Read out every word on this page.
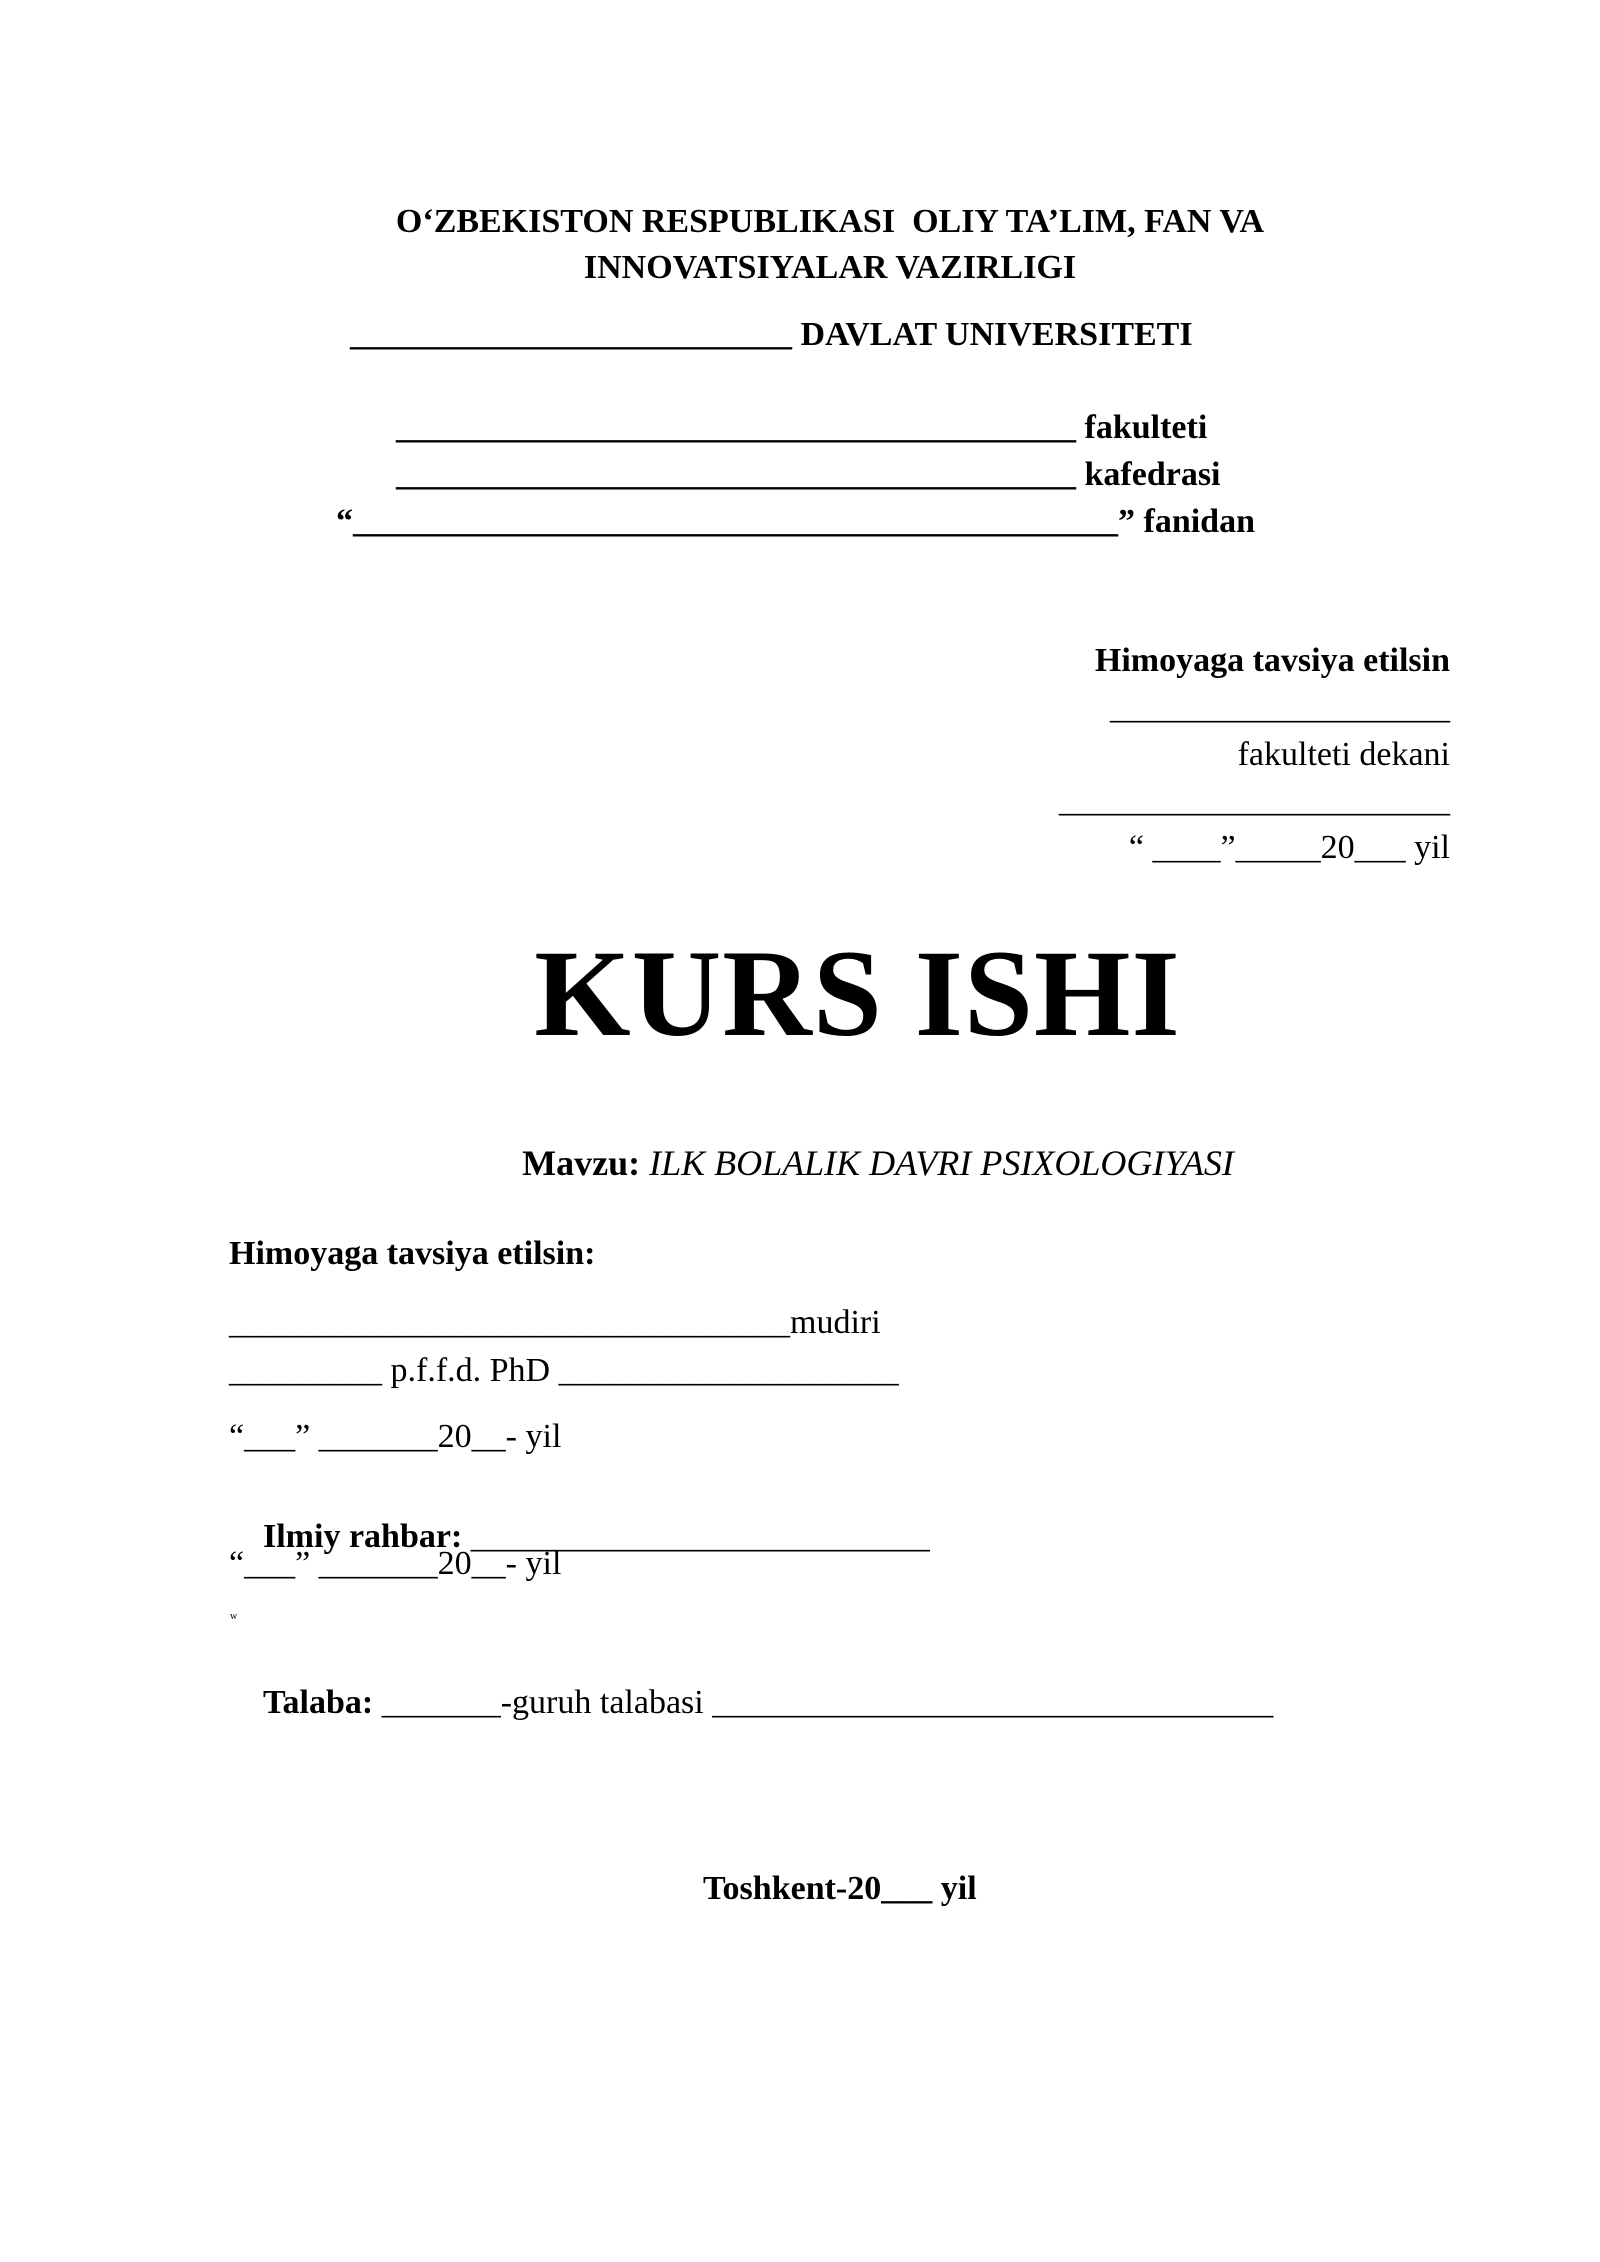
O‘ZBEKISTON RESPUBLIKASI  OLIY TA’LIM, FAN VA
INNOVATSIYALAR VAZIRLIGI
__________________________ DAVLAT UNIVERSITETI
________________________________________ fakulteti
________________________________________ kafedrasi
“_____________________________________________” fanidan
Himoyaga tavsiya etilsin
____________________
fakulteti dekani
_______________________
“ ____”_____20___ yil
KURS ISHI

Mavzu: ILK BOLALIK DAVRI PSIXOLOGIYASI

Himoyaga tavsiya etilsin:
_________________________________mudiri
_________ p.f.f.d. PhD ____________________
“___” _______20__- yil

Ilmiy rahbar: ___________________________

“___” _______20__- yil
w

Talaba: _______-guruh talabasi _________________________________

Toshkent-20___ yil
